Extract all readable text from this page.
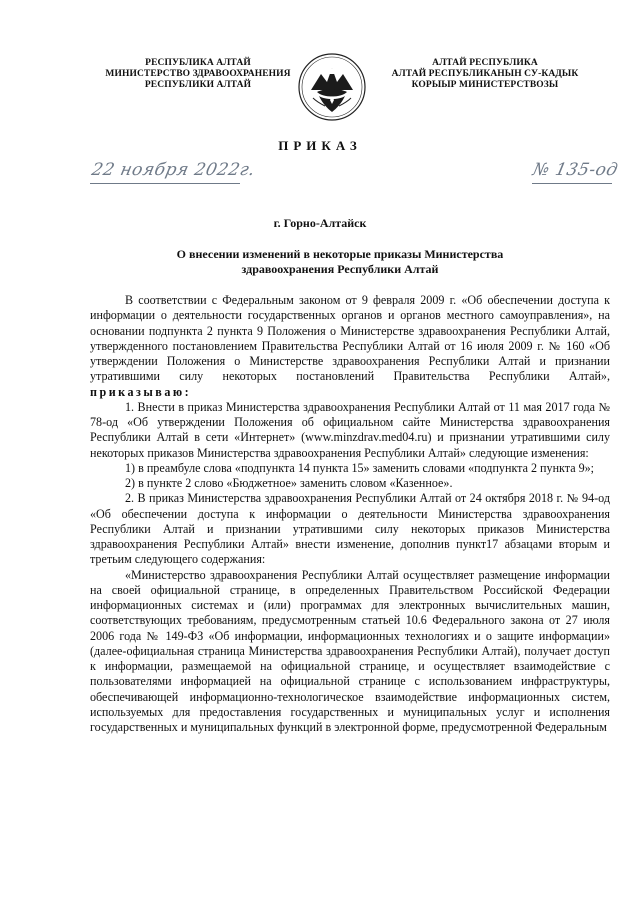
РЕСПУБЛИКА АЛТАЙ
МИНИСТЕРСТВО ЗДРАВООХРАНЕНИЯ
РЕСПУБЛИКИ АЛТАЙ
АЛТАЙ РЕСПУБЛИКА
АЛТАЙ РЕСПУБЛИКАНЫН СУ-КАДЫК
КОРЫЫР МИНИСТЕРСТВОЗЫ
ПРИКАЗ
22 ноября 2022г.	№ 135-од
г. Горно-Алтайск
О внесении изменений в некоторые приказы Министерства
здравоохранения Республики Алтай

В соответствии с Федеральным законом от 9 февраля 2009 г. «Об обеспечении доступа к информации о деятельности государственных органов и органов местного самоуправления», на основании подпункта 2 пункта 9 Положения о Министерстве здравоохранения Республики Алтай, утвержденного постановлением Правительства Республики Алтай от 16 июля 2009 г. № 160 «Об утверждении Положения о Министерстве здравоохранения Республики Алтай и признании утратившими силу некоторых постановлений Правительства Республики Алтай», приказываю:

1. Внести в приказ Министерства здравоохранения Республики Алтай от 11 мая 2017 года № 78-од «Об утверждении Положения об официальном сайте Министерства здравоохранения Республики Алтай в сети «Интернет» (www.minzdrav.med04.ru) и признании утратившими силу некоторых приказов Министерства здравоохранения Республики Алтай» следующие изменения:

1) в преамбуле слова «подпункта 14 пункта 15» заменить словами «подпункта 2 пункта 9»;

2) в пункте 2 слово «Бюджетное» заменить словом «Казенное».

2. В приказ Министерства здравоохранения Республики Алтай от 24 октября 2018 г. № 94-од «Об обеспечении доступа к информации о деятельности Министерства здравоохранения Республики Алтай и признании утратившими силу некоторых приказов Министерства здравоохранения Республики Алтай» внести изменение, дополнив пункт17 абзацами вторым и третьим следующего содержания:

«Министерство здравоохранения Республики Алтай осуществляет размещение информации на своей официальной странице, в определенных Правительством Российской Федерации информационных системах и (или) программах для электронных вычислительных машин, соответствующих требованиям, предусмотренным статьей 10.6 Федерального закона от 27 июля 2006 года № 149-ФЗ «Об информации, информационных технологиях и о защите информации» (далее-официальная страница Министерства здравоохранения Республики Алтай), получает доступ к информации, размещаемой на официальной странице, и осуществляет взаимодействие с пользователями информацией на официальной странице с использованием инфраструктуры, обеспечивающей информационно-технологическое взаимодействие информационных систем, используемых для предоставления государственных и муниципальных услуг и исполнения государственных и муниципальных функций в электронной форме, предусмотренной Федеральным
